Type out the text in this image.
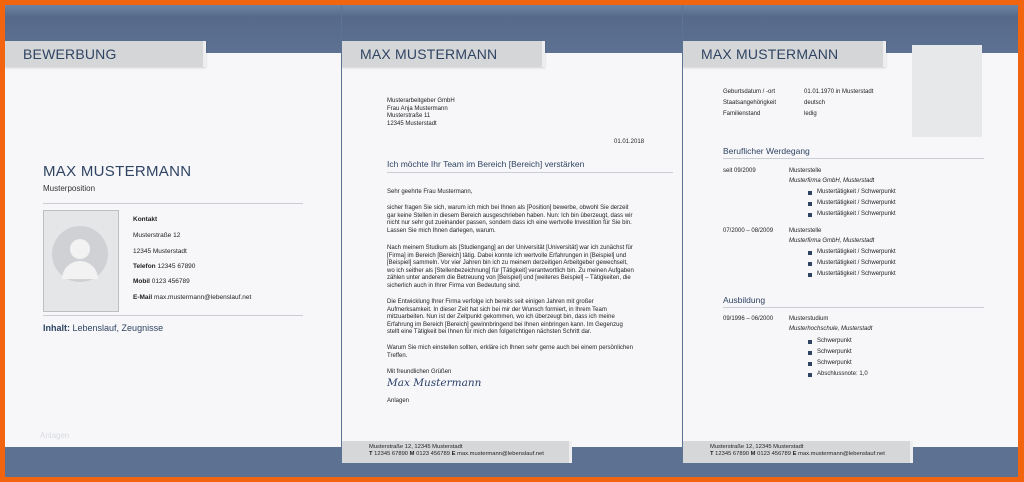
BEWERBUNG
MAX MUSTERMANN
Musterposition
Kontakt
Musterstraße 12
12345 Musterstadt
Telefon 12345 67890
Mobil 0123 456789
E-Mail max.mustermann@lebenslauf.net
Inhalt: Lebenslauf, Zeugnisse
Anlagen
MAX MUSTERMANN
Musterarbeitgeber GmbH
Frau Anja Mustermann
Musterstraße 11
12345 Musterstadt
01.01.2018
Ich möchte Ihr Team im Bereich [Bereich] verstärken
Sehr geehrte Frau Mustermann,
sicher fragen Sie sich, warum ich mich bei Ihnen als [Position] bewerbe, obwohl Sie derzeit
gar keine Stellen in diesem Bereich ausgeschrieben haben. Nun: Ich bin überzeugt, dass wir
nicht nur sehr gut zueinander passen, sondern dass ich eine wertvolle Investition für Sie bin.
Lassen Sie mich Ihnen darlegen, warum.
Nach meinem Studium als [Studiengang] an der Universität [Universität] war ich zunächst für
[Firma] im Bereich [Bereich] tätig. Dabei konnte ich wertvolle Erfahrungen in [Beispiel] und
[Beispiel] sammeln. Vor vier Jahren bin ich zu meinem derzeitigen Arbeitgeber gewechselt,
wo ich seither als [Stellenbezeichnung] für [Tätigkeit] verantwortlich bin. Zu meinen Aufgaben
zählen unter anderem die Betreuung von [Beispiel] und [weiteres Beispiel] – Tätigkeiten, die
sicherlich auch in Ihrer Firma von Bedeutung sind.
Die Entwicklung Ihrer Firma verfolge ich bereits seit einigen Jahren mit großer
Aufmerksamkeit. In dieser Zeit hat sich bei mir der Wunsch formiert, in Ihrem Team
mitzuarbeiten. Nun ist der Zeitpunkt gekommen, wo ich überzeugt bin, dass ich meine
Erfahrung im Bereich [Bereich] gewinnbringend bei Ihnen einbringen kann. Im Gegenzug
stellt eine Tätigkeit bei Ihnen für mich den folgerichtigen nächsten Schritt dar.
Warum Sie mich einstellen sollten, erkläre ich Ihnen sehr gerne auch bei einem persönlichen
Treffen.
Mit freundlichen Grüßen
Max Mustermann
Anlagen
Musterstraße 12, 12345 Musterstadt
T 12345 67890 M 0123 456789 E max.mustermann@lebenslauf.net
MAX MUSTERMANN
Geburtsdatum / -ort	01.01.1970 in Musterstadt
Staatsangehörigkeit	deutsch
Familienstand	ledig
Beruflicher Werdegang
seit 09/2009	Musterstelle
Musterfirma GmbH, Musterstadt
Mustertätigkeit / Schwerpunkt
Mustertätigkeit / Schwerpunkt
Mustertätigkeit / Schwerpunkt
07/2000 – 08/2009	Musterstelle
Musterfirma GmbH, Musterstadt
Mustertätigkeit / Schwerpunkt
Mustertätigkeit / Schwerpunkt
Mustertätigkeit / Schwerpunkt
Ausbildung
09/1996 – 06/2000	Musterstudium
Musterhochschule, Musterstadt
Schwerpunkt
Schwerpunkt
Schwerpunkt
Abschlussnote: 1,0
Musterstraße 12, 12345 Musterstadt
T 12345 67890 M 0123 456789 E max.mustermann@lebenslauf.net
